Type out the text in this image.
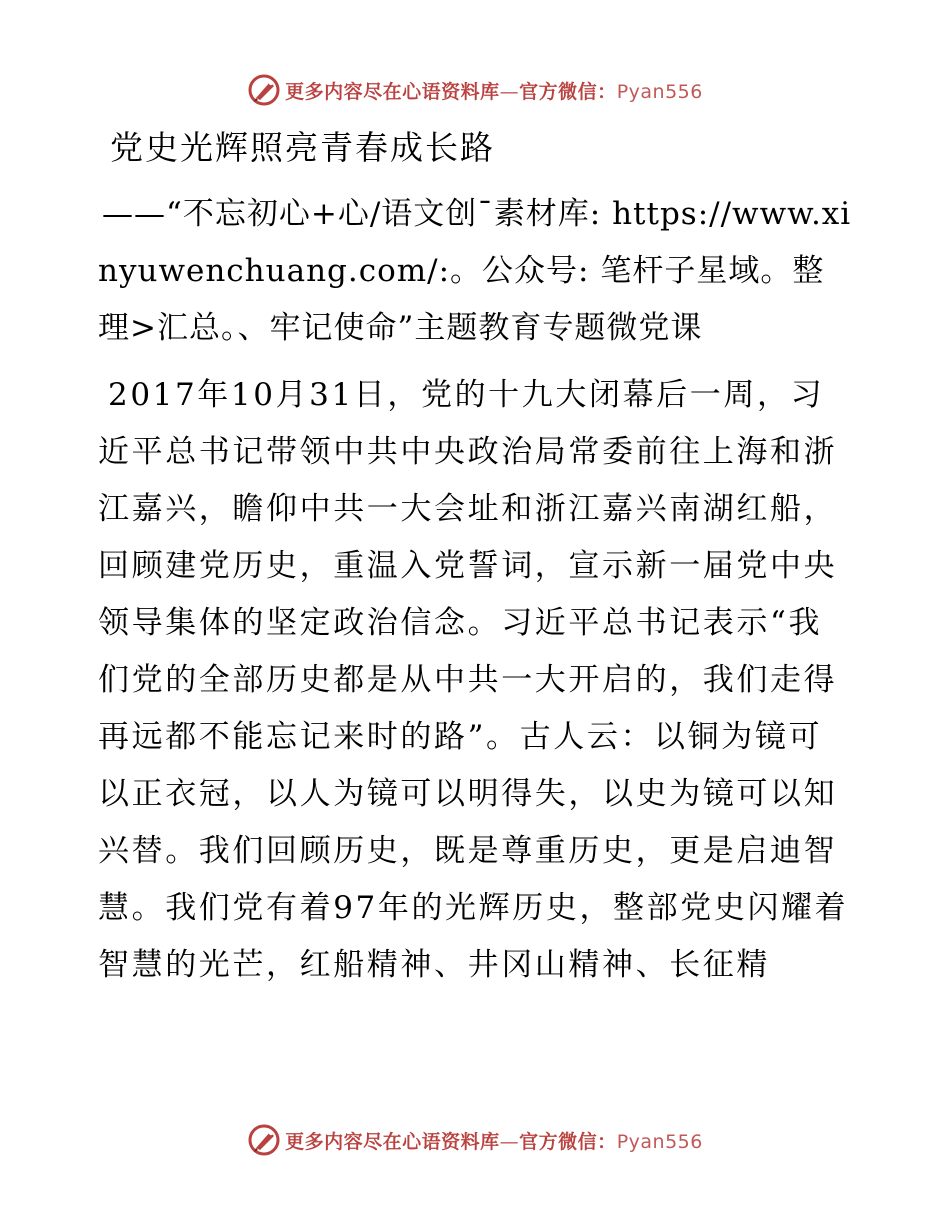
更多内容尽在心语资料库—官方微信：Pyan556
党史光辉照亮青春成长路
——“不忘初心+心/语文创¯素材库: https://www.xinyuwenchuang.com/:。公众号: 笔杆子星域。整理>汇总。、牢记使命”主题教育专题微党课
2017年10月31日，党的十九大闭幕后一周，习近平总书记带领中共中央政治局常委前往上海和浙江嘉兴，瞻仰中共一大会址和浙江嘉兴南湖红船，回顾建党历史，重温入党誓词，宣示新一届党中央领导集体的坚定政治信念。习近平总书记表示“我们党的全部历史都是从中共一大开启的，我们走得再远都不能忘记来时的路”。古人云：以铜为镜可以正衣冠，以人为镜可以明得失，以史为镜可以知兴替。我们回顾历史，既是尊重历史，更是启迪智慧。我们党有着97年的光辉历史，整部党史闪耀着智慧的光芒，红船精神、井冈山精神、长征精
更多内容尽在心语资料库—官方微信：Pyan556
